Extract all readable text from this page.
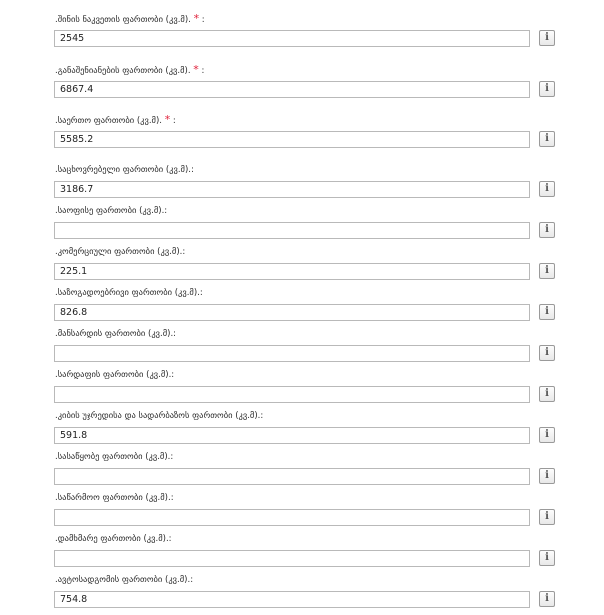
.შინის ნაკვეთის ფართობი (კვ.მ). * :
2545
i
.განაშენიანების ფართობი (კვ.მ). * :
6867.4
i
.საერთო ფართობი (კვ.მ). * :
5585.2
i
.საცხოვრებელი ფართობი (კვ.მ).:
3186.7
i
.საოფისე ფართობი (კვ.მ).:
i
.კომერციული ფართობი (კვ.მ).:
225.1
i
.საზოგადოებრივი ფართობი (კვ.მ).:
826.8
i
.მანსარდის ფართობი (კვ.მ).:
i
.სარდაფის ფართობი (კვ.მ).:
i
.კიბის უჯრედისა და სადარბაზოს ფართობი (კვ.მ).:
591.8
i
.სასაწყობე ფართობი (კვ.მ).:
i
.საწარმოო ფართობი (კვ.მ).:
i
.დამხმარე ფართობი (კვ.მ).:
i
.ავტოსადგომის ფართობი (კვ.მ).:
754.8
i
